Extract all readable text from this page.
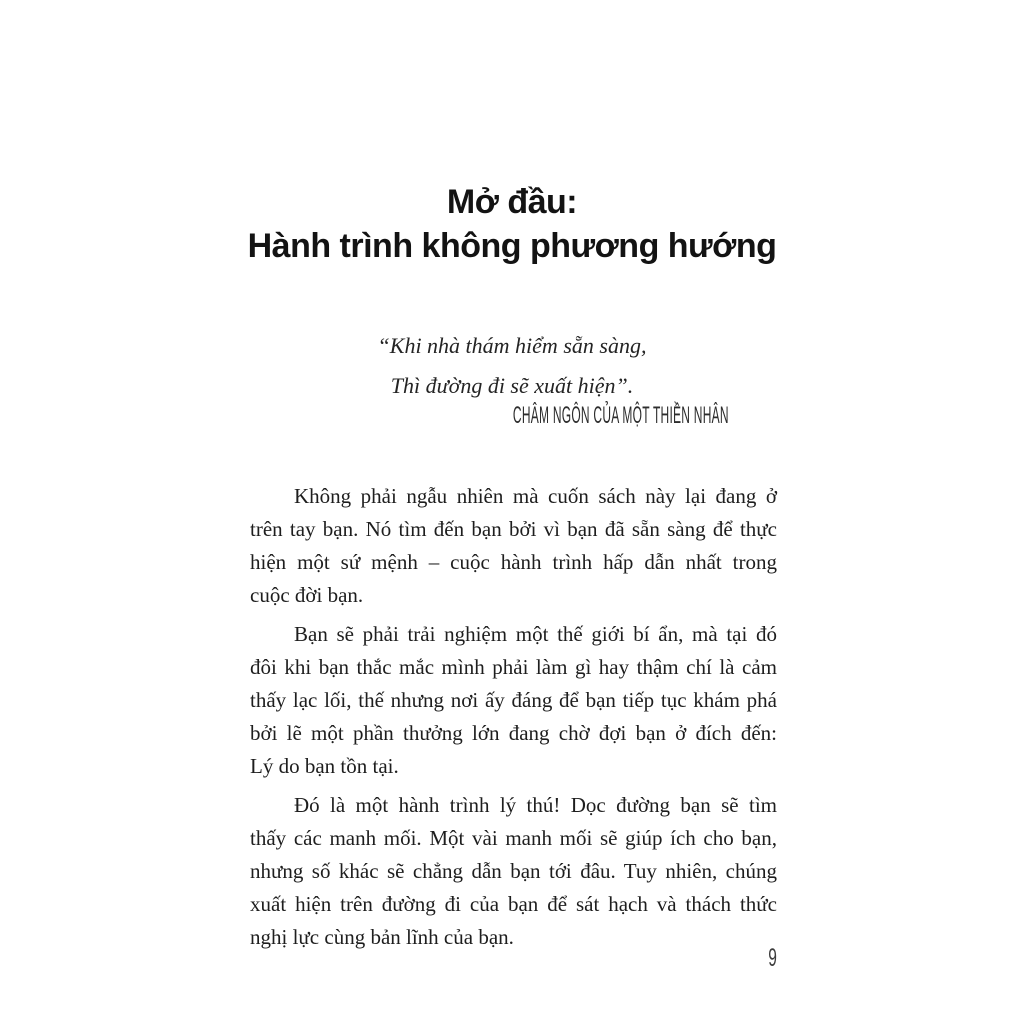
Mở đầu:
Hành trình không phương hướng
“Khi nhà thám hiểm sẵn sàng,
Thì đường đi sẽ xuất hiện”.
CHÂM NGÔN CỦA MỘT THIỀN NHÂN
Không phải ngẫu nhiên mà cuốn sách này lại đang ở
trên tay bạn. Nó tìm đến bạn bởi vì bạn đã sẵn sàng để thực
hiện một sứ mệnh – cuộc hành trình hấp dẫn nhất trong
cuộc đời bạn.
Bạn sẽ phải trải nghiệm một thế giới bí ẩn, mà tại đó
đôi khi bạn thắc mắc mình phải làm gì hay thậm chí là cảm
thấy lạc lối, thế nhưng nơi ấy đáng để bạn tiếp tục khám phá
bởi lẽ một phần thưởng lớn đang chờ đợi bạn ở đích đến:
Lý do bạn tồn tại.
Đó là một hành trình lý thú! Dọc đường bạn sẽ tìm
thấy các manh mối. Một vài manh mối sẽ giúp ích cho bạn,
nhưng số khác sẽ chẳng dẫn bạn tới đâu. Tuy nhiên, chúng
xuất hiện trên đường đi của bạn để sát hạch và thách thức
nghị lực cùng bản lĩnh của bạn.
9
